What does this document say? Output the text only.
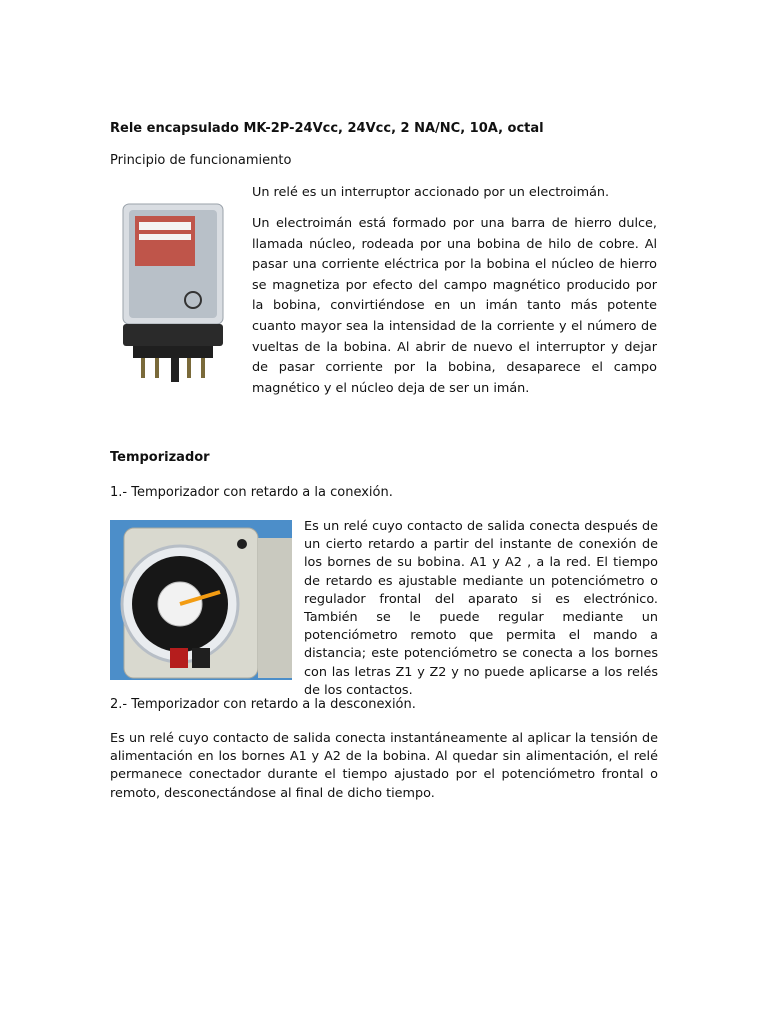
Rele encapsulado MK-2P-24Vcc, 24Vcc, 2 NA/NC, 10A, octal
Principio de funcionamiento
Un relé es un interruptor accionado por un electroimán.
Un electroimán está formado por una barra de hierro dulce, llamada núcleo, rodeada por una bobina de hilo de cobre. Al pasar una corriente eléctrica por la bobina el núcleo de hierro se magnetiza por efecto del campo magnético producido por la bobina, convirtiéndose en un imán tanto más potente cuanto mayor sea la intensidad de la corriente y el número de vueltas de la bobina. Al abrir de nuevo el interruptor y dejar de pasar corriente por la bobina, desaparece el campo magnético y el núcleo deja de ser un imán.
Temporizador
1.- Temporizador con retardo a la conexión.
Es un relé cuyo contacto de salida conecta después de un cierto retardo a partir del instante de conexión de los bornes de su bobina. A1 y A2 , a la red. El tiempo de retardo es ajustable mediante un potenciómetro o regulador frontal del aparato si es electrónico. También se le puede regular mediante un potenciómetro remoto que permita el mando a distancia; este potenciómetro se conecta a los bornes con las letras Z1 y Z2 y no puede aplicarse a los relés de los contactos.
2.- Temporizador con retardo a la desconexión.
Es un relé cuyo contacto de salida conecta instantáneamente al aplicar la tensión de alimentación en los bornes A1 y A2 de la bobina. Al quedar sin alimentación, el relé permanece conectador durante el tiempo ajustado por el potenciómetro frontal o remoto, desconectándose al final de dicho tiempo.
